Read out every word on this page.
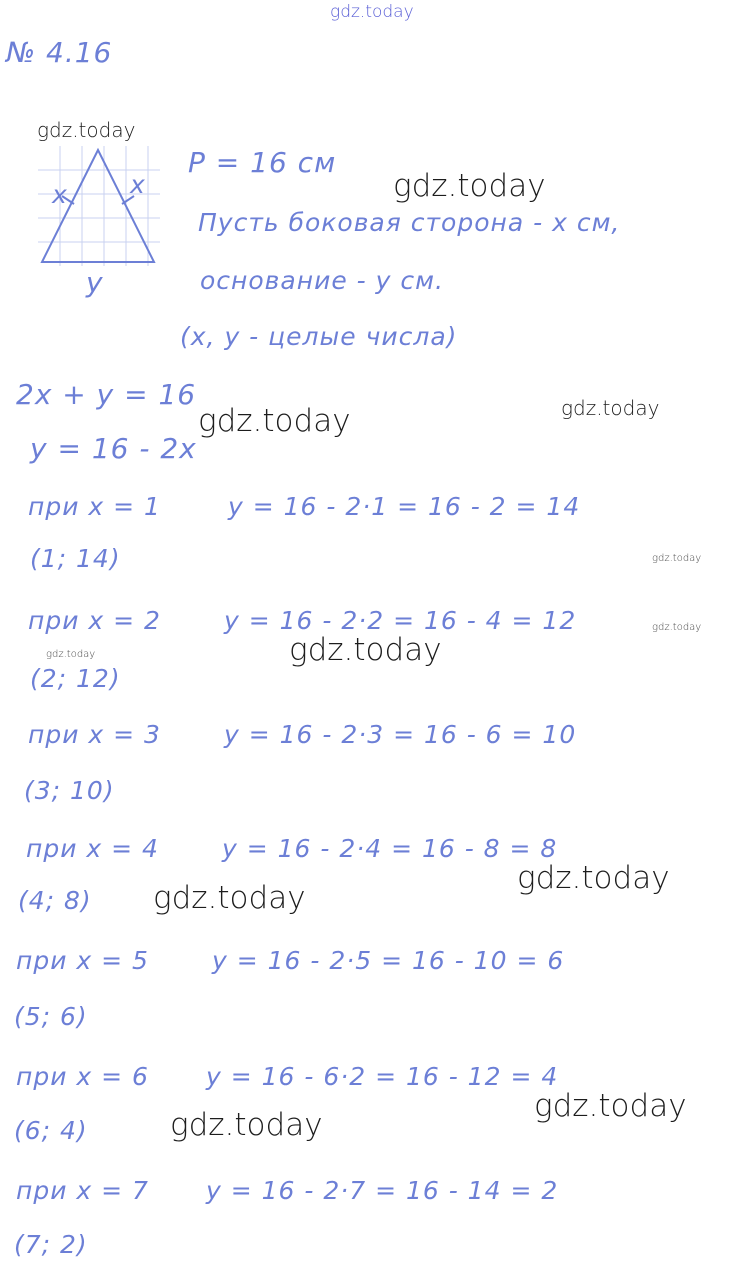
gdz.today
gdz.today
gdz.today
gdz.today
gdz.today
gdz.today
gdz.today
gdz.today	gdz.today
gdz.today
gdz.today
gdz.today
gdz.today
№ 4.16
x x
y
P = 16 см
Пусть боковая сторона - x см,
основание - y см.
(x, y - целые числа)
2x + y = 16
y = 16 - 2x
при x = 1	y = 16 - 2·1 = 16 - 2 = 14
(1; 14)
при x = 2	y = 16 - 2·2 = 16 - 4 = 12
(2; 12)
при x = 3	y = 16 - 2·3 = 16 - 6 = 10
(3; 10)
при x = 4	y = 16 - 2·4 = 16 - 8 = 8
(4; 8)
при x = 5	y = 16 - 2·5 = 16 - 10 = 6
(5; 6)
при x = 6 y = 16 - 6·2 = 16 - 12 = 4
(6; 4)
при x = 7 y = 16 - 2·7 = 16 - 14 = 2
(7; 2)
